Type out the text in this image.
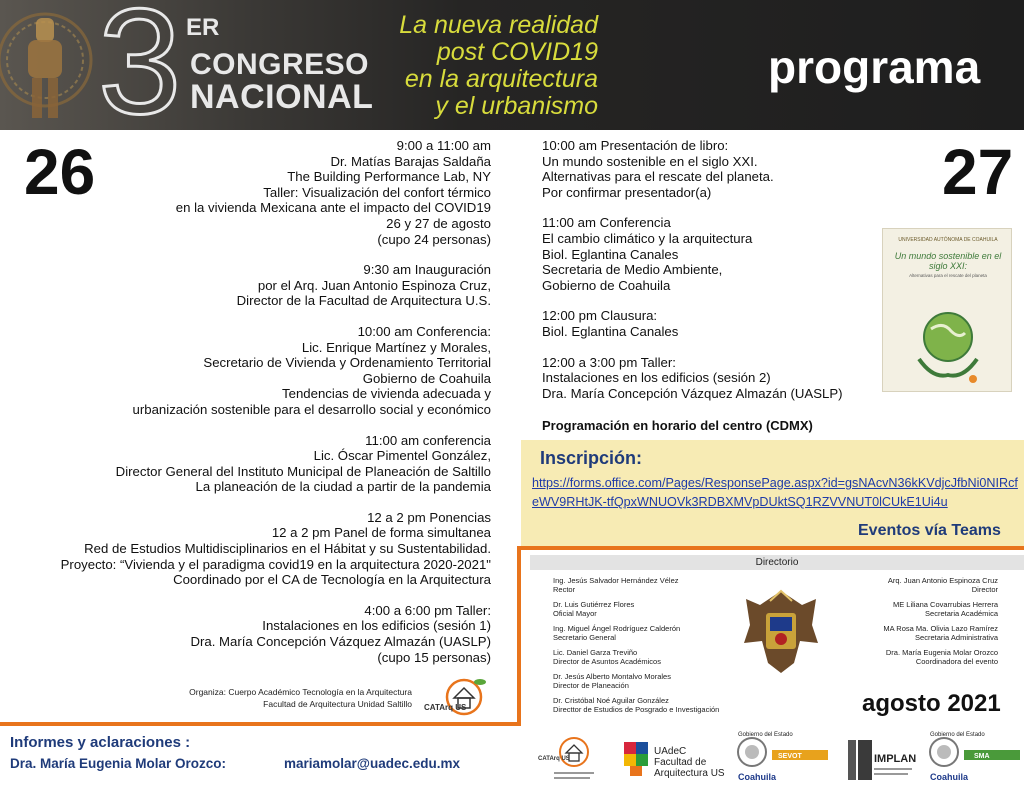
3 ER
CONGRESO
NACIONAL
La nueva realidad
post COVID19
en la arquitectura
y el urbanismo
programa
26	27
9:00 a 11:00 am
Dr. Matías Barajas Saldaña
The Building Performance Lab, NY
Taller: Visualización del confort térmico
en la vivienda Mexicana ante el impacto del COVID19
26 y 27 de agosto
(cupo 24 personas)
9:30 am Inauguración
por el Arq. Juan Antonio Espinoza Cruz,
Director de la Facultad de Arquitectura U.S.
10:00 am Conferencia:
Lic. Enrique Martínez y Morales,
Secretario de Vivienda y Ordenamiento Territorial
Gobierno de Coahuila
Tendencias de vivienda adecuada y
urbanización sostenible para el desarrollo social y económico
11:00 am conferencia
Lic. Óscar Pimentel González,
Director General del Instituto Municipal de Planeación de Saltillo
La planeación de la ciudad a partir de la pandemia
12 a 2 pm Ponencias
12 a 2 pm Panel de forma simultanea
Red de Estudios Multidisciplinarios en el Hábitat y su Sustentabilidad.
Proyecto: “Vivienda y el paradigma covid19 en la arquitectura 2020-2021"
Coordinado por el CA de Tecnología en la Arquitectura
4:00 a 6:00 pm Taller:
Instalaciones en los edificios (sesión 1)
Dra. María Concepción Vázquez Almazán (UASLP)
(cupo 15 personas)
10:00 am Presentación de libro:
Un mundo sostenible en el siglo XXI.
Alternativas para el rescate del planeta.
Por confirmar presentador(a)
11:00 am Conferencia
El cambio climático y la arquitectura
Biol. Eglantina Canales
Secretaria de Medio Ambiente,
Gobierno de Coahuila
12:00 pm Clausura:
Biol. Eglantina Canales
12:00 a 3:00 pm Taller:
Instalaciones en los edificios (sesión 2)
Dra. María Concepción Vázquez Almazán (UASLP)
Programación en horario del centro (CDMX)
UNIVERSIDAD AUTÓNOMA DE COAHUILA
Un mundo sostenible en el siglo XXI:
Alternativas para el rescate del planeta
Inscripción:
https://forms.office.com/Pages/ResponsePage.aspx?id=gsNAcvN36kKVdjcJfbNi0NIRcfeWV9RHtJK-tfQpxWNUOVk3RDBXMVpDUktSQ1RZVVNUT0lCUkE1Ui4u
Eventos vía Teams
Directorio
Ing. Jesús Salvador Hernández Vélez
Rector
Dr. Luis Gutiérrez Flores
Oficial Mayor
Ing. Miguel Ángel Rodríguez Calderón
Secretario General
Lic. Daniel Garza Treviño
Director de Asuntos Académicos
Dr. Jesús Alberto Montalvo Morales
Director de Planeación
Dr. Cristóbal Noé Aguilar González
Directtor de Estudios de Posgrado e Investigación
Arq. Juan Antonio Espinoza Cruz
Director
ME Liliana Covarrubias Herrera
Secretaria Académica
MA Rosa Ma. Olivia Lazo Ramírez
Secretaria Administrativa
Dra. María Eugenia Molar Orozco
Coordinadora del evento
agosto 2021
Organiza: Cuerpo Académico Tecnología en la Arquitectura
Facultad de Arquitectura Unidad Saltillo CATArq US
Informes y aclaraciones :
Dra. María Eugenia Molar Orozco:	mariamolar@uadec.edu.mx	CATArq US
UAdeC
Facultad de
Arquitectura US
SEVOT
Coahuila
Gobierno del Estado
IMPLAN	SMA
Coahuila
Gobierno del Estado
